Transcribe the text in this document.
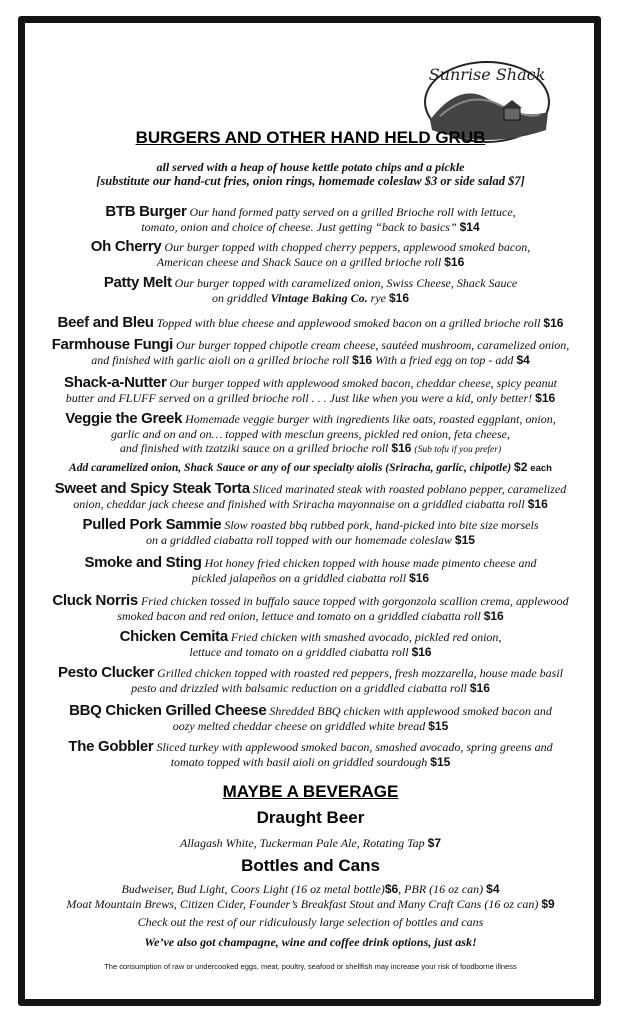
Sunrise Shack
BURGERS AND OTHER HAND HELD GRUB
all served with a heap of house kettle potato chips and a pickle
[substitute our hand-cut fries, onion rings, homemade coleslaw $3 or side salad $7]
BTB Burger Our hand formed patty served on a grilled Brioche roll with lettuce,
tomato, onion and choice of cheese. Just getting “back to basics” $14
Oh Cherry Our burger topped with chopped cherry peppers, applewood smoked bacon,
American cheese and Shack Sauce on a grilled brioche roll $16
Patty Melt Our burger topped with caramelized onion, Swiss Cheese, Shack Sauce
on griddled Vintage Baking Co. rye $16
Beef and Bleu Topped with blue cheese and applewood smoked bacon on a grilled brioche roll $16
Farmhouse Fungi Our burger topped chipotle cream cheese, sautéed mushroom, caramelized onion,
and finished with garlic aioli on a grilled brioche roll $16 With a fried egg on top - add $4
Shack-a-Nutter Our burger topped with applewood smoked bacon, cheddar cheese, spicy peanut
butter and FLUFF served on a grilled brioche roll . . . Just like when you were a kid, only better! $16
Veggie the Greek Homemade veggie burger with ingredients like oats, roasted eggplant, onion,
garlic and on and on… topped with mesclun greens, pickled red onion, feta cheese,
and finished with tzatziki sauce on a grilled brioche roll $16 (Sub tofu if you prefer)
Add caramelized onion, Shack Sauce or any of our specialty aiolis (Sriracha, garlic, chipotle) $2 each
Sweet and Spicy Steak Torta Sliced marinated steak with roasted poblano pepper, caramelized
onion, cheddar jack cheese and finished with Sriracha mayonnaise on a griddled ciabatta roll $16
Pulled Pork Sammie Slow roasted bbq rubbed pork, hand-picked into bite size morsels
on a griddled ciabatta roll topped with our homemade coleslaw $15
Smoke and Sting Hot honey fried chicken topped with house made pimento cheese and
pickled jalapeños on a griddled ciabatta roll $16
Cluck Norris Fried chicken tossed in buffalo sauce topped with gorgonzola scallion crema, applewood
smoked bacon and red onion, lettuce and tomato on a griddled ciabatta roll $16
Chicken Cemita Fried chicken with smashed avocado, pickled red onion,
lettuce and tomato on a griddled ciabatta roll $16
Pesto Clucker Grilled chicken topped with roasted red peppers, fresh mozzarella, house made basil
pesto and drizzled with balsamic reduction on a griddled ciabatta roll $16
BBQ Chicken Grilled Cheese Shredded BBQ chicken with applewood smoked bacon and
oozy melted cheddar cheese on griddled white bread $15
The Gobbler Sliced turkey with applewood smoked bacon, smashed avocado, spring greens and
tomato topped with basil aioli on griddled sourdough $15
MAYBE A BEVERAGE
Draught Beer
Allagash White, Tuckerman Pale Ale, Rotating Tap $7
Bottles and Cans
Budweiser, Bud Light, Coors Light (16 oz metal bottle)$6, PBR (16 oz can) $4
Moat Mountain Brews, Citizen Cider, Founder’s Breakfast Stout and Many Craft Cans (16 oz can) $9
Check out the rest of our ridiculously large selection of bottles and cans
We’ve also got champagne, wine and coffee drink options, just ask!
The consumption of raw or undercooked eggs, meat, poultry, seafood or shellfish may increase your risk of foodborne illness
